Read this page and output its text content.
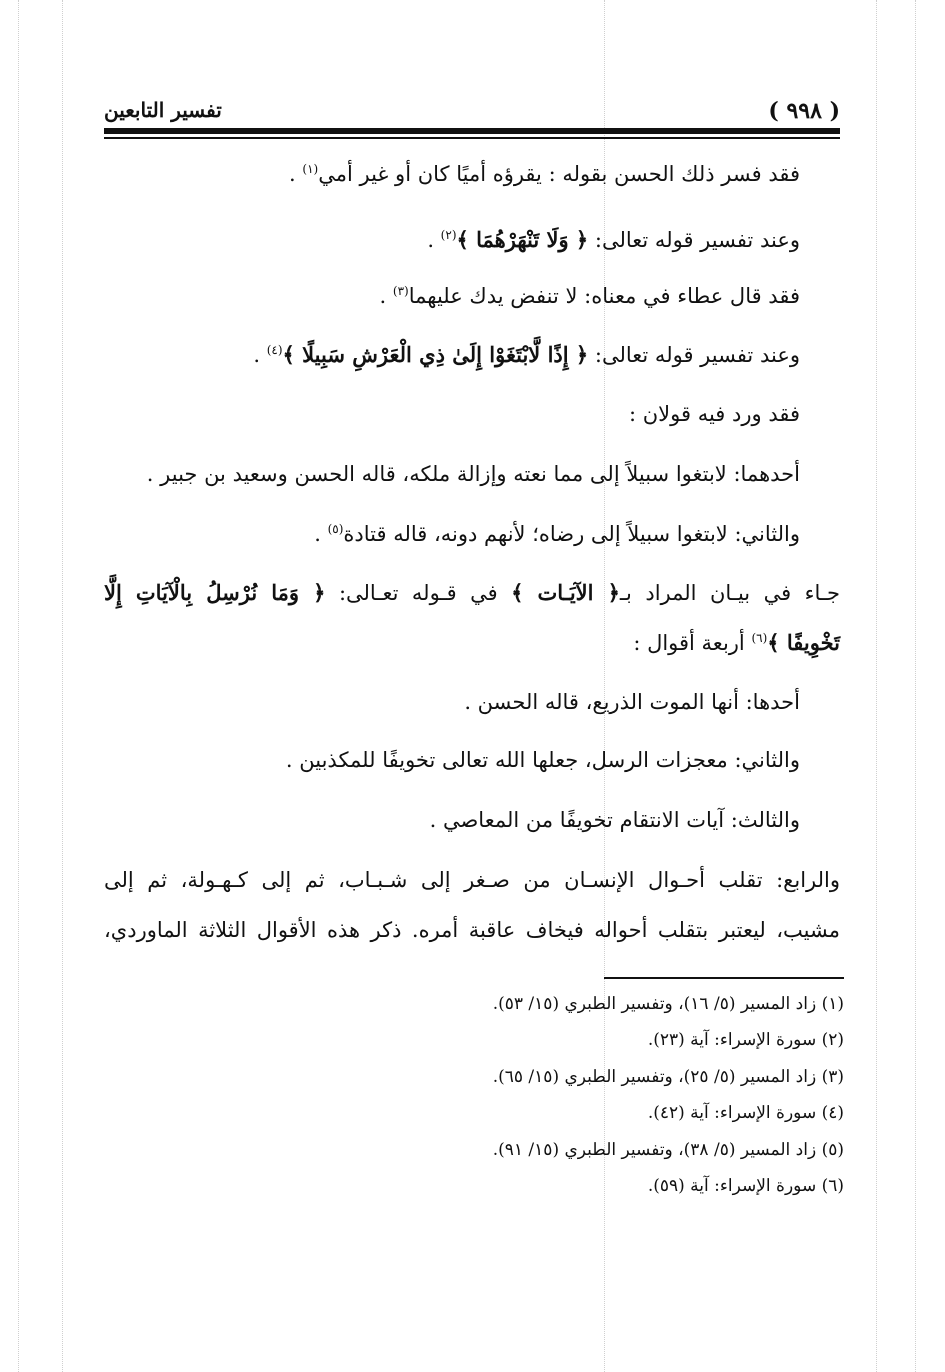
تفسير التابعين	( ٩٩٨ )
فقد فسر ذلك الحسن بقوله : يقرؤه أميًا كان أو غير أمي$^{(١)}$ .
وعند تفسير قوله تعالى: ﴿ وَلَا تَنْهَرْهُمَا ﴾$^{(٢)}$ .
فقد قال عطاء في معناه: لا تنفض يدك عليهما$^{(٣)}$ .
وعند تفسير قوله تعالى: ﴿ إِذًا لَّابْتَغَوْا إِلَىٰ ذِي الْعَرْشِ سَبِيلًا ﴾$^{(٤)}$ .
فقد ورد فيه قولان :
أحدهما: لابتغوا سبيلاً إلى مما نعته وإزالة ملكه، قاله الحسن وسعيد بن جبير .
والثاني: لابتغوا سبيلاً إلى رضاه؛ لأنهم دونه، قاله قتادة$^{(٥)}$ .
جـاء في بيـان المراد بـ﴿ الآيَـات ﴾ في قـوله تعـالى: ﴿ وَمَا نُرْسِلُ بِالْآيَاتِ إِلَّا
تَخْوِيفًا ﴾$^{(٦)}$ أربعة أقوال :
أحدها: أنها الموت الذريع، قاله الحسن .
والثاني: معجزات الرسل، جعلها الله تعالى تخويفًا للمكذبين .
والثالث: آيات الانتقام تخويفًا من المعاصي .
والرابع: تقلب أحـوال الإنسـان من صـغر إلى شـبـاب، ثم إلى كـهـولة، ثم إلى
مشيب، ليعتبر بتقلب أحواله فيخاف عاقبة أمره. ذكر هذه الأقوال الثلاثة الماوردي،
(١) زاد المسير (٥/ ١٦)، وتفسير الطبري (١٥/ ٥٣).
(٢) سورة الإسراء: آية (٢٣).
(٣) زاد المسير (٥/ ٢٥)، وتفسير الطبري (١٥/ ٦٥).
(٤) سورة الإسراء: آية (٤٢).
(٥) زاد المسير (٥/ ٣٨)، وتفسير الطبري (١٥/ ٩١).
(٦) سورة الإسراء: آية (٥٩).
